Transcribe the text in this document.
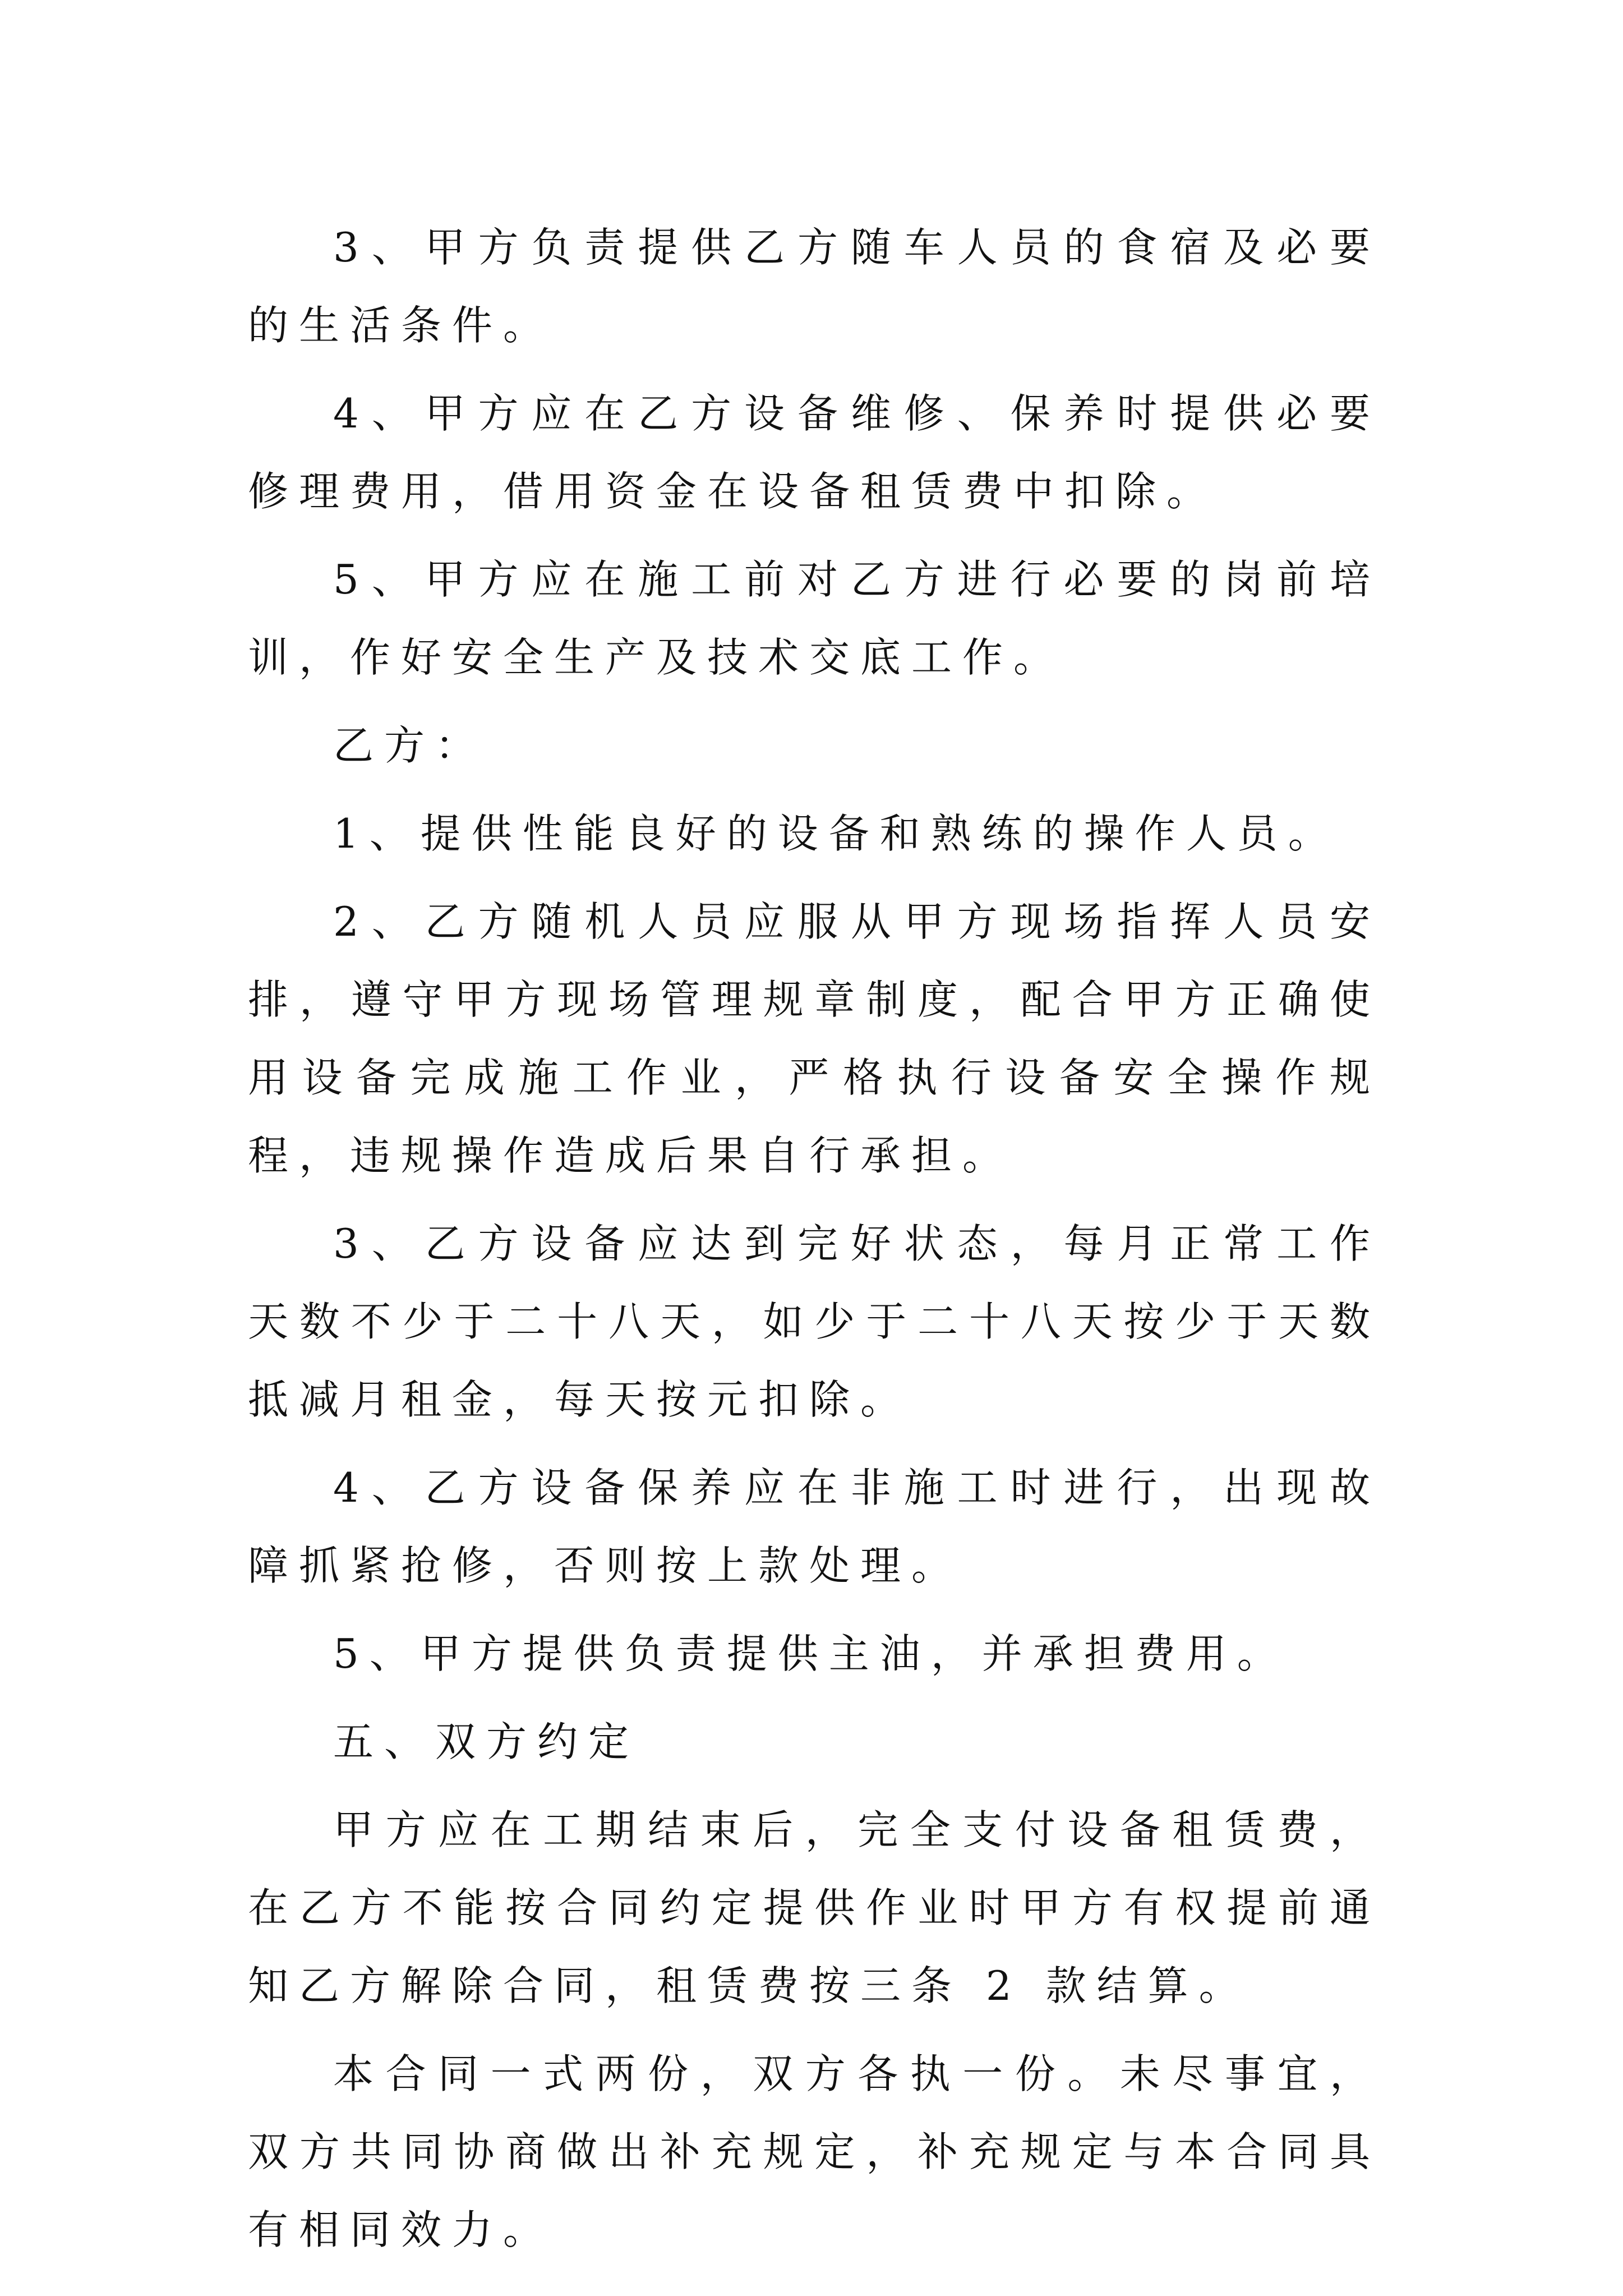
3、甲方负责提供乙方随车人员的食宿及必要的生活条件。

4、甲方应在乙方设备维修、保养时提供必要修理费用，借用资金在设备租赁费中扣除。

5、甲方应在施工前对乙方进行必要的岗前培训，作好安全生产及技术交底工作。

乙方：

1、提供性能良好的设备和熟练的操作人员。

2、乙方随机人员应服从甲方现场指挥人员安排，遵守甲方现场管理规章制度，配合甲方正确使用设备完成施工作业，严格执行设备安全操作规程，违规操作造成后果自行承担。

3、乙方设备应达到完好状态，每月正常工作天数不少于二十八天，如少于二十八天按少于天数抵减月租金，每天按元扣除。

4、乙方设备保养应在非施工时进行，出现故障抓紧抢修，否则按上款处理。

5、甲方提供负责提供主油，并承担费用。

五、双方约定

甲方应在工期结束后，完全支付设备租赁费，在乙方不能按合同约定提供作业时甲方有权提前通知乙方解除合同，租赁费按三条 2 款结算。

本合同一式两份，双方各执一份。未尽事宜，双方共同协商做出补充规定，补充规定与本合同具有相同效力。
